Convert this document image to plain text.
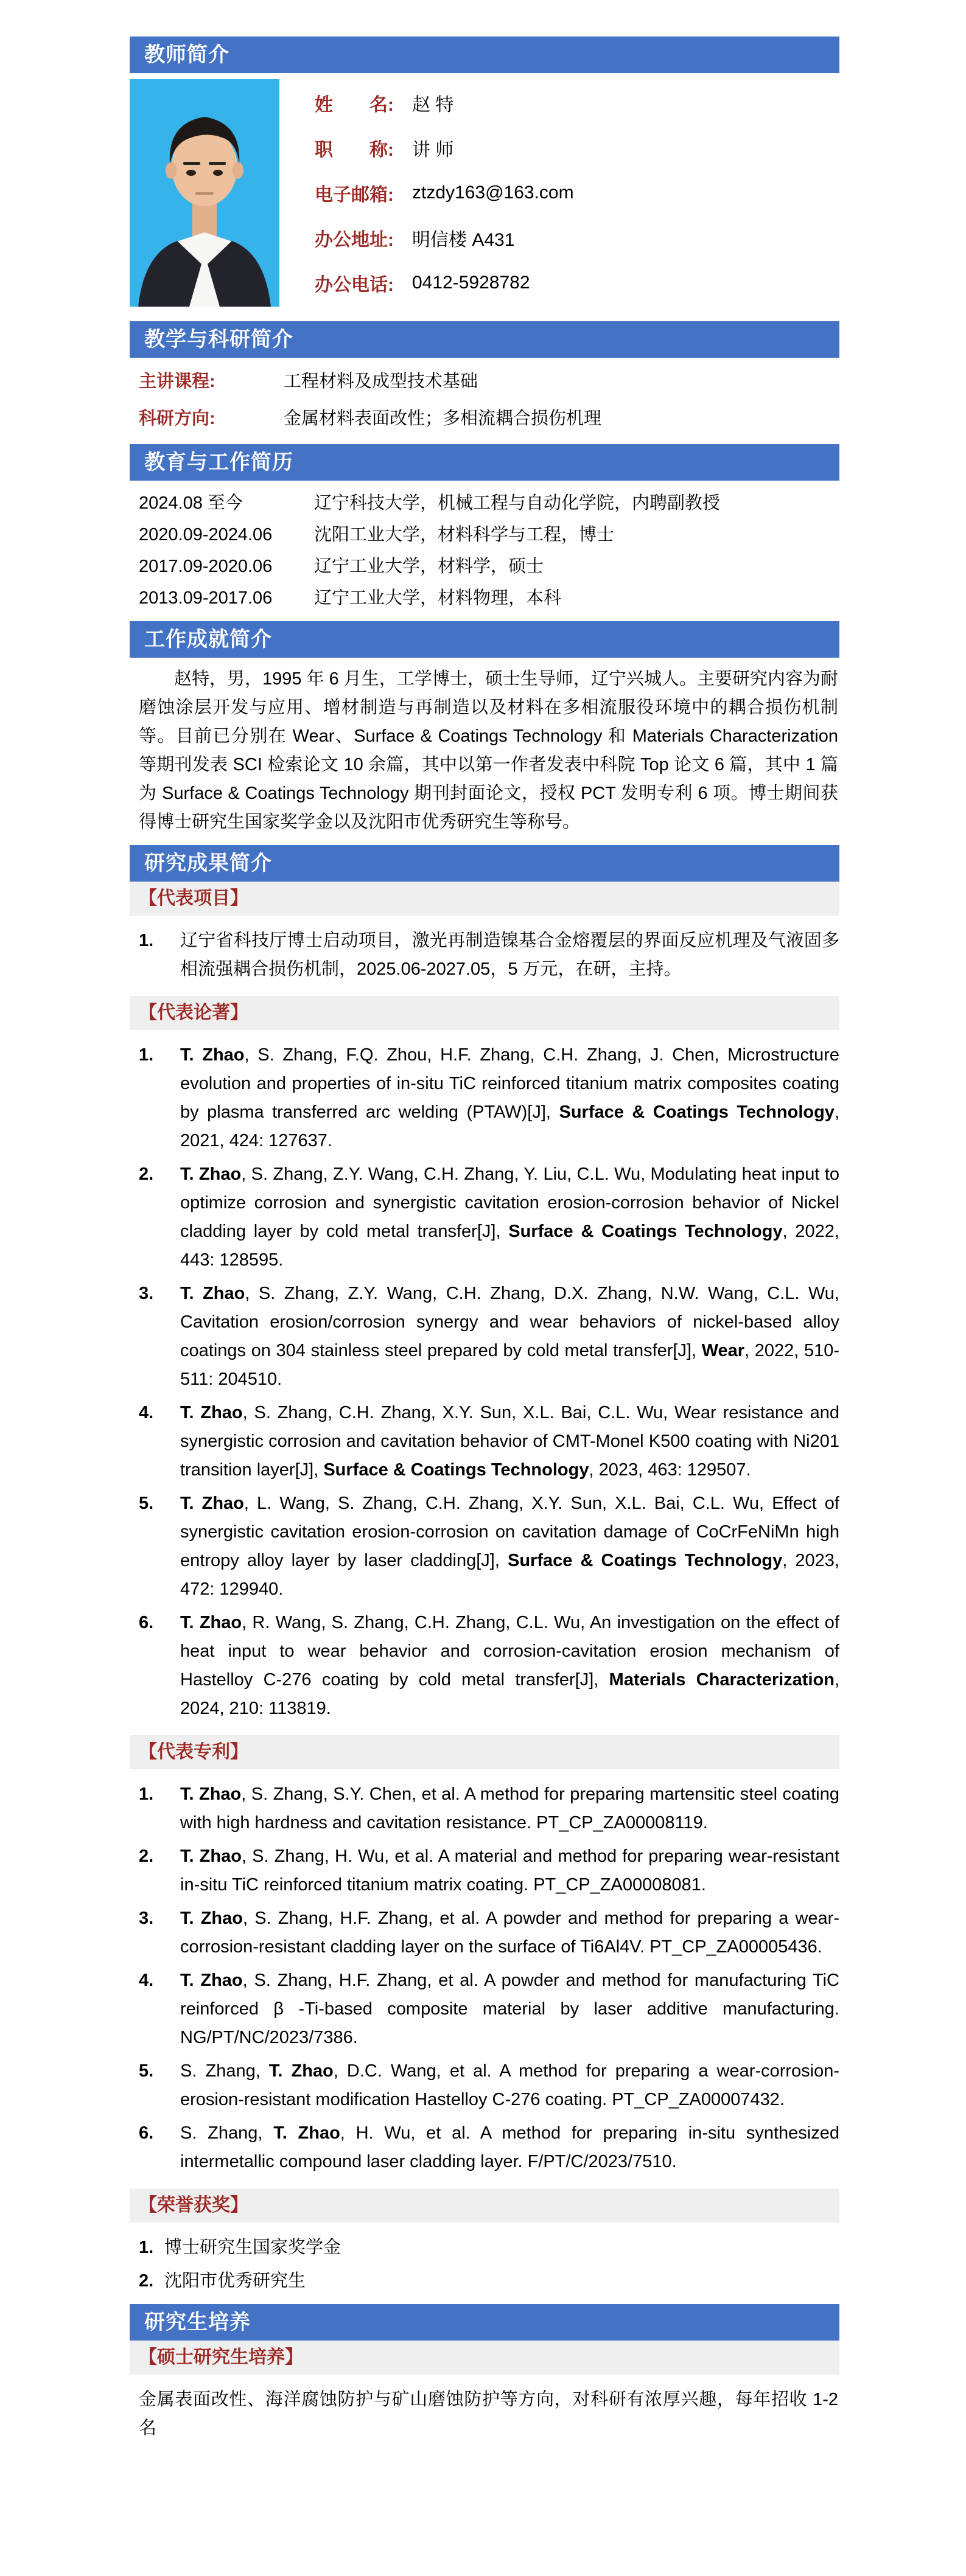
教师简介
姓　　名:	赵 特
职　　称:	讲 师
电子邮箱:	ztzdy163@163.com
办公地址:	明信楼 A431
办公电话:	0412-5928782
教学与科研简介
主讲课程:	工程材料及成型技术基础
科研方向:	金属材料表面改性；多相流耦合损伤机理
教育与工作简历
2024.08 至今	辽宁科技大学，机械工程与自动化学院，内聘副教授
2020.09-2024.06	沈阳工业大学，材料科学与工程，博士
2017.09-2020.06	辽宁工业大学，材料学，硕士
2013.09-2017.06	辽宁工业大学，材料物理，本科
工作成就简介
赵特，男，1995 年 6 月生，工学博士，硕士生导师，辽宁兴城人。主要研究内容为耐磨蚀涂层开发与应用、增材制造与再制造以及材料在多相流服役环境中的耦合损伤机制等。目前已分别在 Wear、Surface & Coatings Technology 和 Materials Characterization 等期刊发表 SCI 检索论文 10 余篇，其中以第一作者发表中科院 Top 论文 6 篇，其中 1 篇为 Surface & Coatings Technology 期刊封面论文，授权 PCT 发明专利 6 项。博士期间获得博士研究生国家奖学金以及沈阳市优秀研究生等称号。
研究成果简介
【代表项目】
1.	辽宁省科技厅博士启动项目，激光再制造镍基合金熔覆层的界面反应机理及气液固多相流强耦合损伤机制，2025.06-2027.05，5 万元，在研，主持。
【代表论著】
1.	T. Zhao, S. Zhang, F.Q. Zhou, H.F. Zhang, C.H. Zhang, J. Chen, Microstructure evolution and properties of in-situ TiC reinforced titanium matrix composites coating by plasma transferred arc welding (PTAW)[J], Surface & Coatings Technology, 2021, 424: 127637.
2.	T. Zhao, S. Zhang, Z.Y. Wang, C.H. Zhang, Y. Liu, C.L. Wu, Modulating heat input to optimize corrosion and synergistic cavitation erosion-corrosion behavior of Nickel cladding layer by cold metal transfer[J], Surface & Coatings Technology, 2022, 443: 128595.
3.	T. Zhao, S. Zhang, Z.Y. Wang, C.H. Zhang, D.X. Zhang, N.W. Wang, C.L. Wu, Cavitation erosion/corrosion synergy and wear behaviors of nickel-based alloy coatings on 304 stainless steel prepared by cold metal transfer[J], Wear, 2022, 510-511: 204510.
4.	T. Zhao, S. Zhang, C.H. Zhang, X.Y. Sun, X.L. Bai, C.L. Wu, Wear resistance and synergistic corrosion and cavitation behavior of CMT-Monel K500 coating with Ni201 transition layer[J], Surface & Coatings Technology, 2023, 463: 129507.
5.	T. Zhao, L. Wang, S. Zhang, C.H. Zhang, X.Y. Sun, X.L. Bai, C.L. Wu, Effect of synergistic cavitation erosion-corrosion on cavitation damage of CoCrFeNiMn high entropy alloy layer by laser cladding[J], Surface & Coatings Technology, 2023, 472: 129940.
6.	T. Zhao, R. Wang, S. Zhang, C.H. Zhang, C.L. Wu, An investigation on the effect of heat input to wear behavior and corrosion-cavitation erosion mechanism of Hastelloy C-276 coating by cold metal transfer[J], Materials Characterization, 2024, 210: 113819.
【代表专利】
1.	T. Zhao, S. Zhang, S.Y. Chen, et al. A method for preparing martensitic steel coating with high hardness and cavitation resistance. PT_CP_ZA00008119.
2.	T. Zhao, S. Zhang, H. Wu, et al. A material and method for preparing wear-resistant in-situ TiC reinforced titanium matrix coating. PT_CP_ZA00008081.
3.	T. Zhao, S. Zhang, H.F. Zhang, et al. A powder and method for preparing a wear-corrosion-resistant cladding layer on the surface of Ti6Al4V. PT_CP_ZA00005436.
4.	T. Zhao, S. Zhang, H.F. Zhang, et al. A powder and method for manufacturing TiC reinforced β -Ti-based composite material by laser additive manufacturing. NG/PT/NC/2023/7386.
5.	S. Zhang, T. Zhao, D.C. Wang, et al. A method for preparing a wear-corrosion-erosion-resistant modification Hastelloy C-276 coating. PT_CP_ZA00007432.
6.	S. Zhang, T. Zhao, H. Wu, et al. A method for preparing in-situ synthesized intermetallic compound laser cladding layer. F/PT/C/2023/7510.
【荣誉获奖】
1. 博士研究生国家奖学金
2. 沈阳市优秀研究生
研究生培养
【硕士研究生培养】
金属表面改性、海洋腐蚀防护与矿山磨蚀防护等方向，对科研有浓厚兴趣，每年招收 1-2 名
